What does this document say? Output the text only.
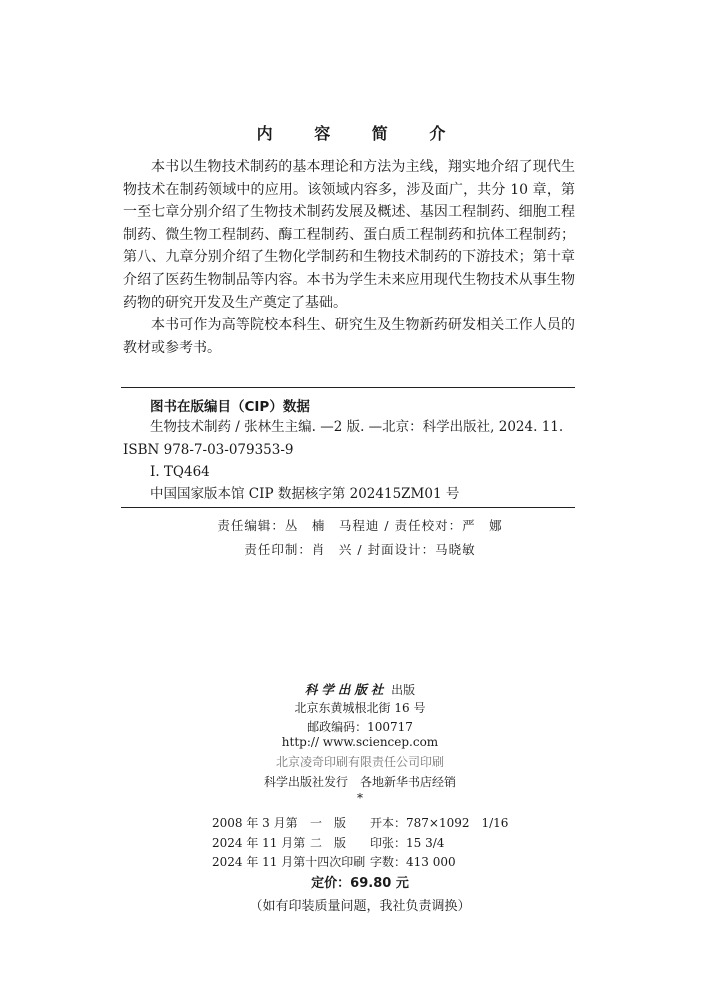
内 容 简 介

本书以生物技术制药的基本理论和方法为主线，翔实地介绍了现代生物技术在制药领域中的应用。该领域内容多，涉及面广，共分 10 章，第一至七章分别介绍了生物技术制药发展及概述、基因工程制药、细胞工程制药、微生物工程制药、酶工程制药、蛋白质工程制药和抗体工程制药；第八、九章分别介绍了生物化学制药和生物技术制药的下游技术；第十章介绍了医药生物制品等内容。本书为学生未来应用现代生物技术从事生物药物的研究开发及生产奠定了基础。

本书可作为高等院校本科生、研究生及生物新药研发相关工作人员的教材或参考书。

图书在版编目（CIP）数据
生物技术制药 / 张林生主编. —2 版. —北京：科学出版社, 2024. 11.
ISBN 978-7-03-079353-9
Ⅰ. TQ464
中国国家版本馆 CIP 数据核字第 202415ZM01 号
责任编辑：丛　楠　马程迪 / 责任校对：严　娜
责任印制：肖　兴 / 封面设计：马晓敏
科学出版社 出版
北京东黄城根北街 16 号
邮政编码：100717
http:// www.sciencep.com
北京凌奇印刷有限责任公司印刷
科学出版社发行　各地新华书店经销
*
2008 年 3 月第	一　版	开本：787×1092　1/16
2024 年 11 月第 二　版	印张：15 3/4
2024 年 11 月第十四次印刷 字数：413 000
定价：69.80 元
（如有印装质量问题，我社负责调换）
